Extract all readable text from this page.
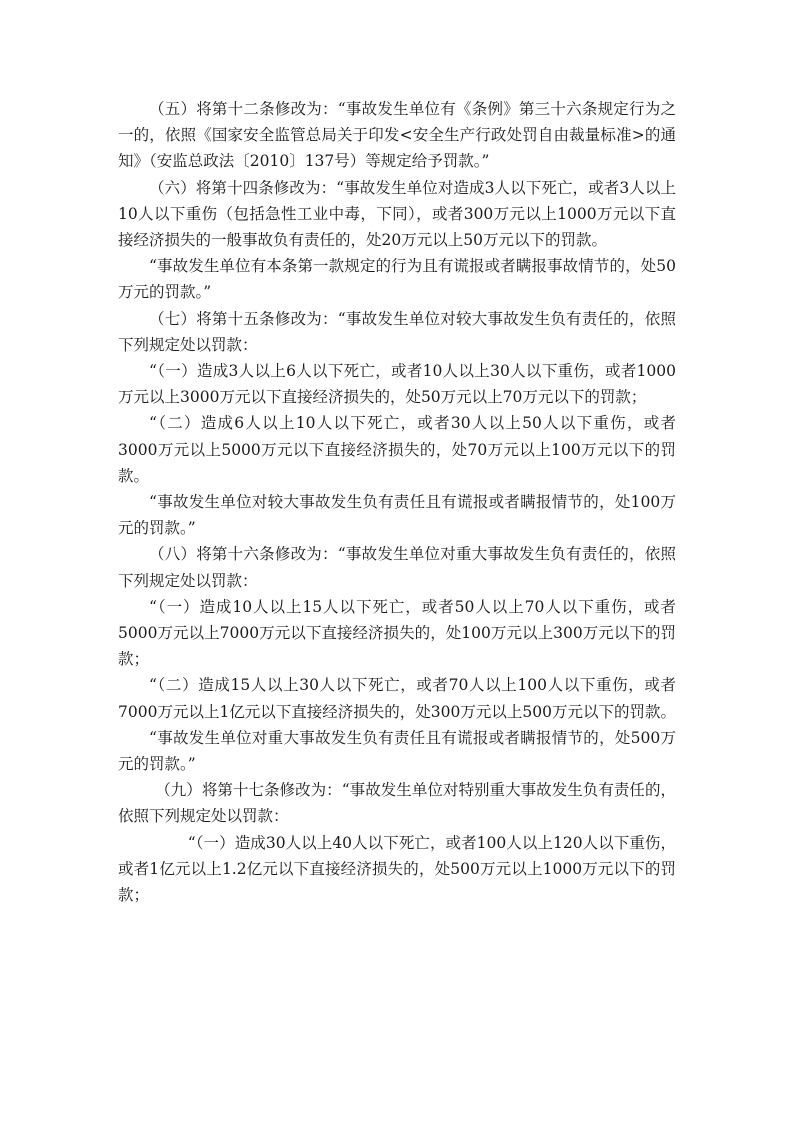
（五）将第十二条修改为：“事故发生单位有《条例》第三十六条规定行为之一的，依照《国家安全监管总局关于印发<安全生产行政处罚自由裁量标准>的通知》（安监总政法〔2010〕137号）等规定给予罚款。”

（六）将第十四条修改为：“事故发生单位对造成3人以下死亡，或者3人以上10人以下重伤（包括急性工业中毒，下同），或者300万元以上1000万元以下直接经济损失的一般事故负有责任的，处20万元以上50万元以下的罚款。

“事故发生单位有本条第一款规定的行为且有谎报或者瞒报事故情节的，处50万元的罚款。”

（七）将第十五条修改为：“事故发生单位对较大事故发生负有责任的，依照下列规定处以罚款：

“（一）造成3人以上6人以下死亡，或者10人以上30人以下重伤，或者1000万元以上3000万元以下直接经济损失的，处50万元以上70万元以下的罚款；

“（二）造成6人以上10人以下死亡，或者30人以上50人以下重伤，或者3000万元以上5000万元以下直接经济损失的，处70万元以上100万元以下的罚款。

“事故发生单位对较大事故发生负有责任且有谎报或者瞒报情节的，处100万元的罚款。”

（八）将第十六条修改为：“事故发生单位对重大事故发生负有责任的，依照下列规定处以罚款：

“（一）造成10人以上15人以下死亡，或者50人以上70人以下重伤，或者5000万元以上7000万元以下直接经济损失的，处100万元以上300万元以下的罚款；

“（二）造成15人以上30人以下死亡，或者70人以上100人以下重伤，或者7000万元以上1亿元以下直接经济损失的，处300万元以上500万元以下的罚款。

“事故发生单位对重大事故发生负有责任且有谎报或者瞒报情节的，处500万元的罚款。”

（九）将第十七条修改为：“事故发生单位对特别重大事故发生负有责任的，依照下列规定处以罚款：

“（一）造成30人以上40人以下死亡，或者100人以上120人以下重伤，或者1亿元以上1.2亿元以下直接经济损失的，处500万元以上1000万元以下的罚款；
